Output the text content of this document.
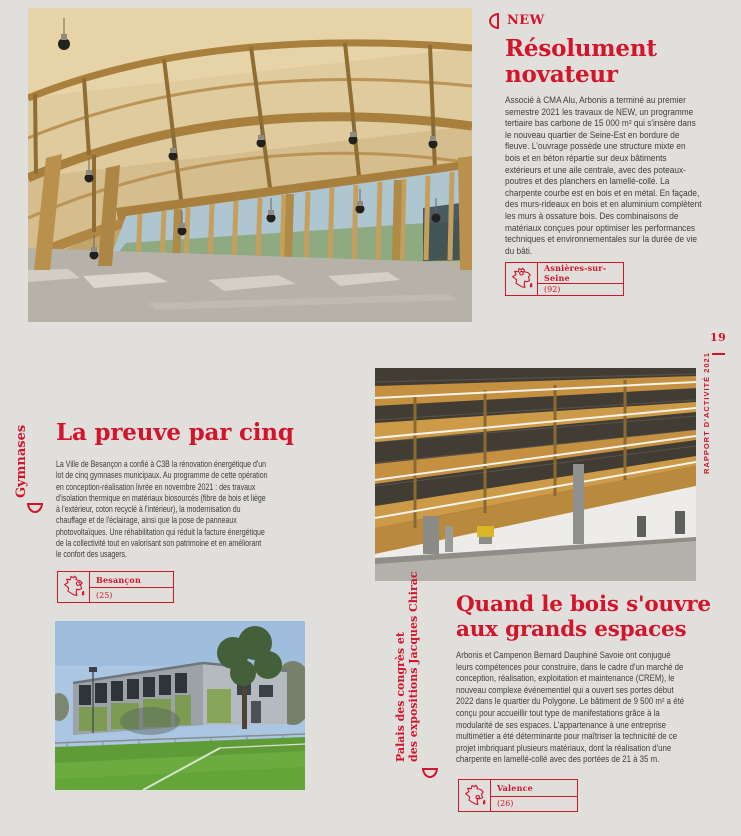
NEW
Résolument
novateur
Associé à CMA Alu, Arbonis a terminé au premier semestre 2021 les travaux de NEW, un programme tertiaire bas carbone de 15 000 m² qui s'insère dans le nouveau quartier de Seine-Est en bordure de fleuve. L'ouvrage possède une structure mixte en bois et en béton répartie sur deux bâtiments extérieurs et une aile centrale, avec des poteaux-poutres et des planchers en lamellé-collé. La charpente courbe est en bois et en métal. En façade, des murs-rideaux en bois et en aluminium complètent les murs à ossature bois. Des combinaisons de matériaux conçues pour optimiser les performances techniques et environnementales sur la durée de vie du bâti.
Asnières-sur-Seine
(92)
19
RAPPORT D'ACTIVITÉ 2021
Gymnases La preuve par cinq
La Ville de Besançon a confié à C3B la rénovation énergétique d'un lot de cinq gymnases municipaux. Au programme de cette opération en conception-réalisation livrée en novembre 2021 : des travaux d'isolation thermique en matériaux biosourcés (fibre de bois et liège à l'extérieur, coton recyclé à l'intérieur), la modernisation du chauffage et de l'éclairage, ainsi que la pose de panneaux photovoltaïques. Une réhabilitation qui réduit la facture énergétique de la collectivité tout en valorisant son patrimoine et en améliorant le confort des usagers.
Besançon
(25)
Palais des congrès et des expositions Jacques Chirac Quand le bois s'ouvre
aux grands espaces
Arbonis et Campenon Bernard Dauphiné Savoie ont conjugué leurs compétences pour construire, dans le cadre d'un marché de conception, réalisation, exploitation et maintenance (CREM), le nouveau complexe événementiel qui a ouvert ses portes début 2022 dans le quartier du Polygone. Le bâtiment de 9 500 m² a été conçu pour accueillir tout type de manifestations grâce à la modularité de ses espaces. L'appartenance à une entreprise multimétier a été déterminante pour maîtriser la technicité de ce projet imbriquant plusieurs matériaux, dont la réalisation d'une charpente en lamellé-collé avec des portées de 21 à 35 m.
Valence
(26)
